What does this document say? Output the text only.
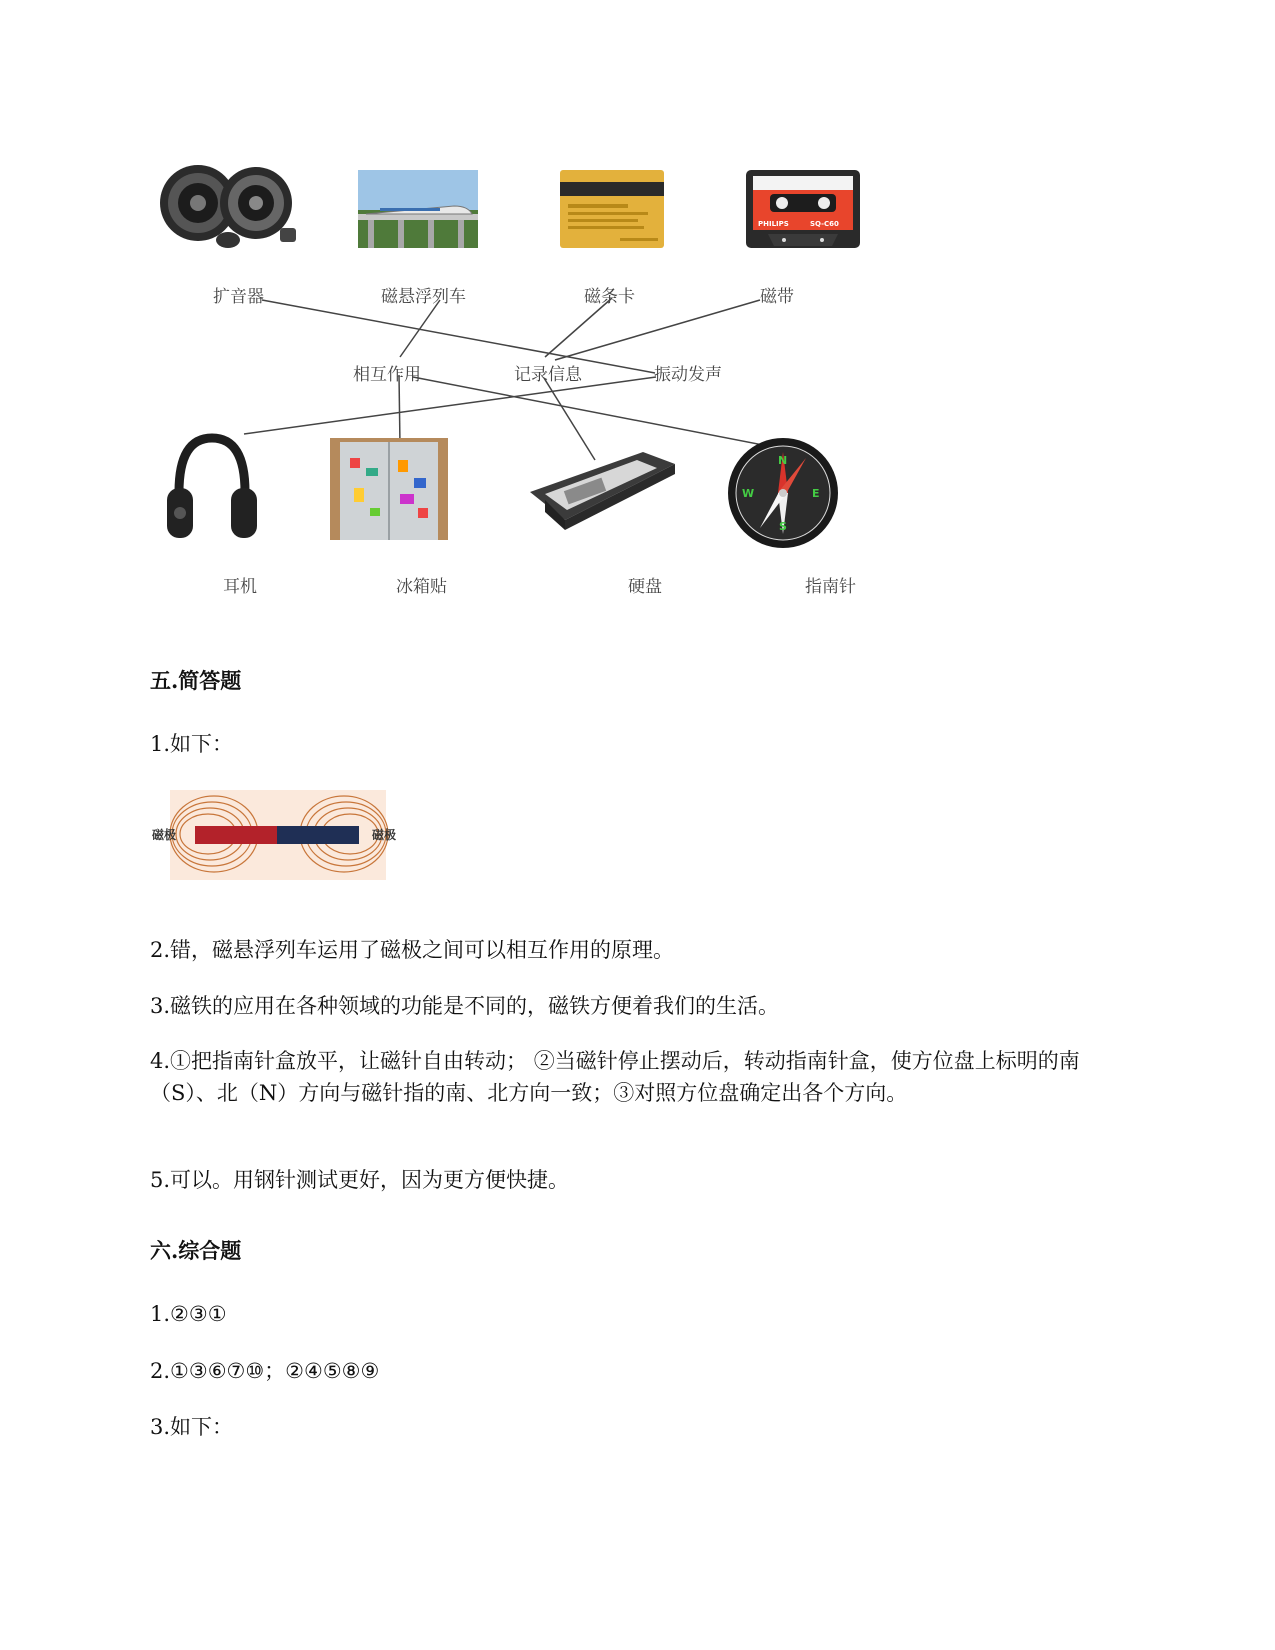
PHILIPS	SQ-C60
扩音器	磁悬浮列车	磁条卡	磁带
相互作用	记录信息	振动发声
N
E
S
W
耳机	冰箱贴	硬盘	指南针
五.简答题
1.如下：
磁极	磁极
2.错，磁悬浮列车运用了磁极之间可以相互作用的原理。
3.磁铁的应用在各种领域的功能是不同的，磁铁方便着我们的生活。
4.①把指南针盒放平，让磁针自由转动； ②当磁针停止摆动后，转动指南针盒，使方位盘上标明的南（S）、北（N）方向与磁针指的南、北方向一致；③对照方位盘确定出各个方向。
5.可以。用钢针测试更好，因为更方便快捷。
六.综合题
1.②③①
2.①③⑥⑦⑩；②④⑤⑧⑨
3.如下：
